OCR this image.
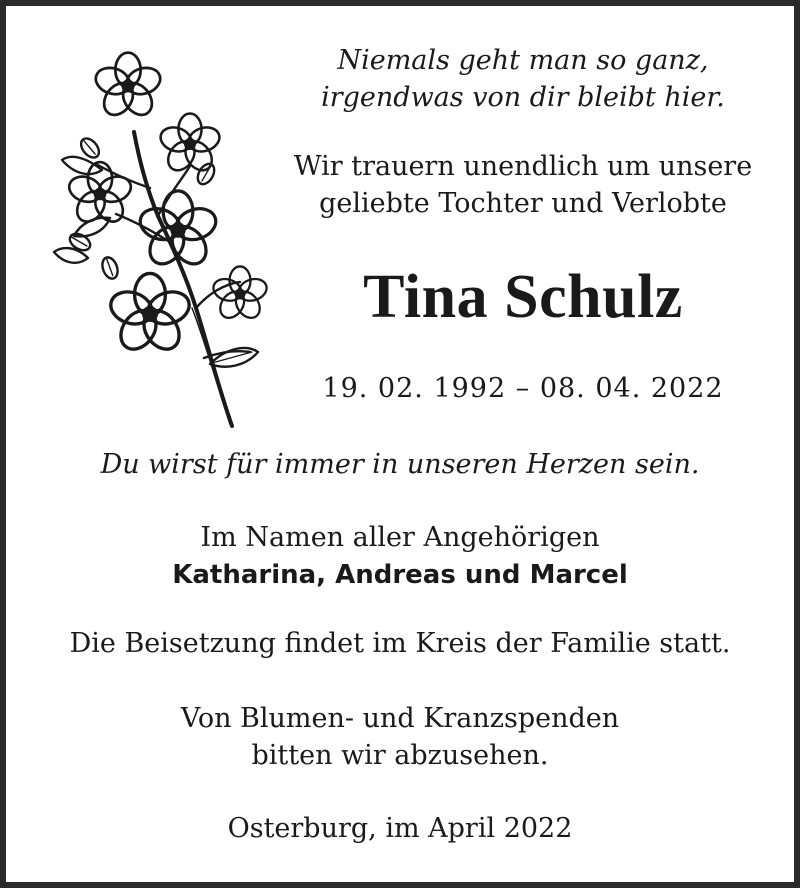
Niemals geht man so ganz,
irgendwas von dir bleibt hier.
Wir trauern unendlich um unsere
geliebte Tochter und Verlobte
Tina Schulz
19. 02. 1992 – 08. 04. 2022
Du wirst für immer in unseren Herzen sein.
Im Namen aller Angehörigen
Katharina, Andreas und Marcel
Die Beisetzung findet im Kreis der Familie statt.
Von Blumen- und Kranzspenden
bitten wir abzusehen.
Osterburg, im April 2022
